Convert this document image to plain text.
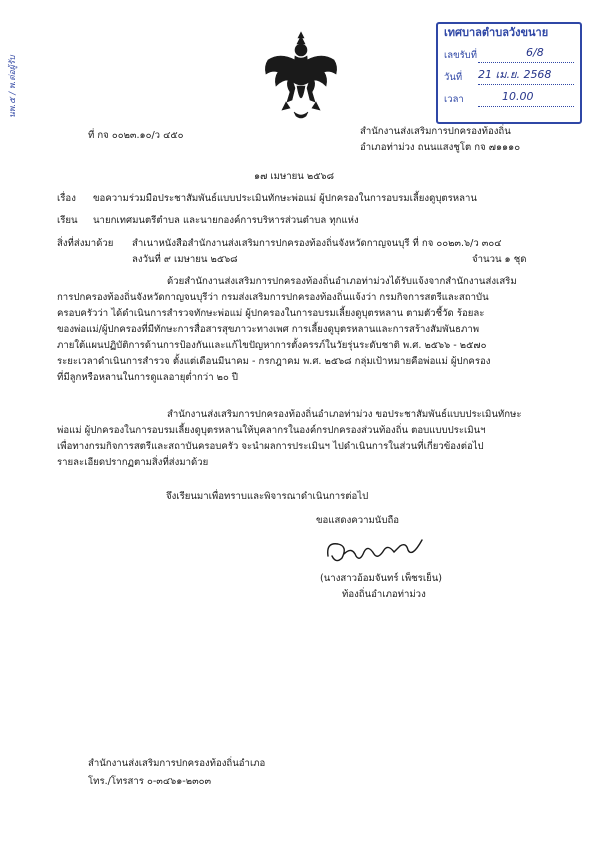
นพ.๕ / พ.ต่อผู้รับ
เทศบาลตำบลวังขนาย
เลขรับที่	6/8
วันที่ 21 เม.ย. 2568
เวลา	10.00
ที่ กจ ๐๐๒๓.๑๐/ว ๔๕๐	สำนักงานส่งเสริมการปกครองท้องถิ่น
อำเภอท่าม่วง ถนนแสงชูโต กจ ๗๑๑๑๐
๑๗ เมษายน ๒๕๖๘
เรื่อง ขอความร่วมมือประชาสัมพันธ์แบบประเมินทักษะพ่อแม่ ผู้ปกครองในการอบรมเลี้ยงดูบุตรหลาน
เรียน นายกเทศมนตรีตำบล และนายกองค์การบริหารส่วนตำบล ทุกแห่ง
สิ่งที่ส่งมาด้วย สำเนาหนังสือสำนักงานส่งเสริมการปกครองท้องถิ่นจังหวัดกาญจนบุรี ที่ กจ ๐๐๒๓.๖/ว ๓๐๔
ลงวันที่ ๙ เมษายน ๒๕๖๘	จำนวน ๑ ชุด
ด้วยสำนักงานส่งเสริมการปกครองท้องถิ่นอำเภอท่าม่วงได้รับแจ้งจากสำนักงานส่งเสริม
การปกครองท้องถิ่นจังหวัดกาญจนบุรีว่า กรมส่งเสริมการปกครองท้องถิ่นแจ้งว่า กรมกิจการสตรีและสถาบัน
ครอบครัวว่า ได้ดำเนินการสำรวจทักษะพ่อแม่ ผู้ปกครองในการอบรมเลี้ยงดูบุตรหลาน ตามตัวชี้วัด ร้อยละ
ของพ่อแม่/ผู้ปกครองที่มีทักษะการสื่อสารสุขภาวะทางเพศ การเลี้ยงดูบุตรหลานและการสร้างสัมพันธภาพ
ภายใต้แผนปฏิบัติการด้านการป้องกันและแก้ไขปัญหาการตั้งครรภ์ในวัยรุ่นระดับชาติ พ.ศ. ๒๕๖๖ - ๒๕๗๐
ระยะเวลาดำเนินการสำรวจ ตั้งแต่เดือนมีนาคม - กรกฎาคม พ.ศ. ๒๕๖๘ กลุ่มเป้าหมายคือพ่อแม่ ผู้ปกครอง
ที่มีลูกหรือหลานในการดูแลอายุต่ำกว่า ๒๐ ปี
สำนักงานส่งเสริมการปกครองท้องถิ่นอำเภอท่าม่วง ขอประชาสัมพันธ์แบบประเมินทักษะ
พ่อแม่ ผู้ปกครองในการอบรมเลี้ยงดูบุตรหลานให้บุคลากรในองค์กรปกครองส่วนท้องถิ่น ตอบแบบประเมินฯ
เพื่อทางกรมกิจการสตรีและสถาบันครอบครัว จะนำผลการประเมินฯ ไปดำเนินการในส่วนที่เกี่ยวข้องต่อไป
รายละเอียดปรากฏตามสิ่งที่ส่งมาด้วย
จึงเรียนมาเพื่อทราบและพิจารณาดำเนินการต่อไป
ขอแสดงความนับถือ
(นางสาวอ้อมจันทร์ เพ็ชรเย็น)
ท้องถิ่นอำเภอท่าม่วง
สำนักงานส่งเสริมการปกครองท้องถิ่นอำเภอ
โทร./โทรสาร ๐-๓๔๖๑-๒๓๐๓
